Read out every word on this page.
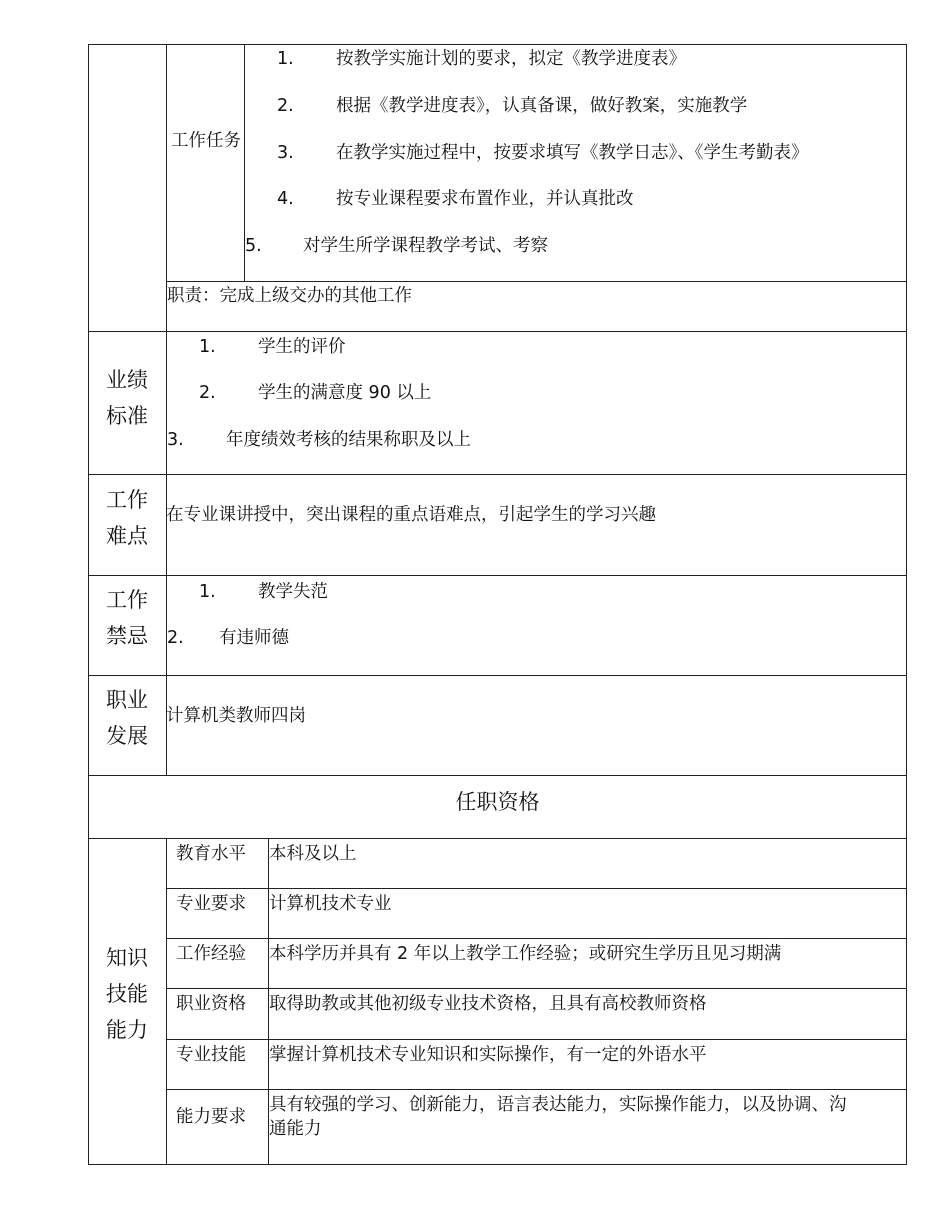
工作任务
1. 按教学实施计划的要求，拟定《教学进度表》
2. 根据《教学进度表》，认真备课，做好教案，实施教学
3. 在教学实施过程中，按要求填写《教学日志》、《学生考勤表》
4. 按专业课程要求布置作业，并认真批改
5. 对学生所学课程教学考试、考察
职责：完成上级交办的其他工作
业绩
标准
1. 学生的评价
2. 学生的满意度 90 以上
3. 年度绩效考核的结果称职及以上
工作
难点
在专业课讲授中，突出课程的重点语难点，引起学生的学习兴趣
工作
禁忌
1. 教学失范
2. 有违师德
职业
发展
计算机类教师四岗
任职资格
知识
技能
能力
教育水平 本科及以上
专业要求 计算机技术专业
工作经验 本科学历并具有 2 年以上教学工作经验；或研究生学历且见习期满
职业资格 取得助教或其他初级专业技术资格，且具有高校教师资格
专业技能 掌握计算机技术专业知识和实际操作，有一定的外语水平
能力要求
具有较强的学习、创新能力，语言表达能力，实际操作能力，以及协调、沟
通能力
